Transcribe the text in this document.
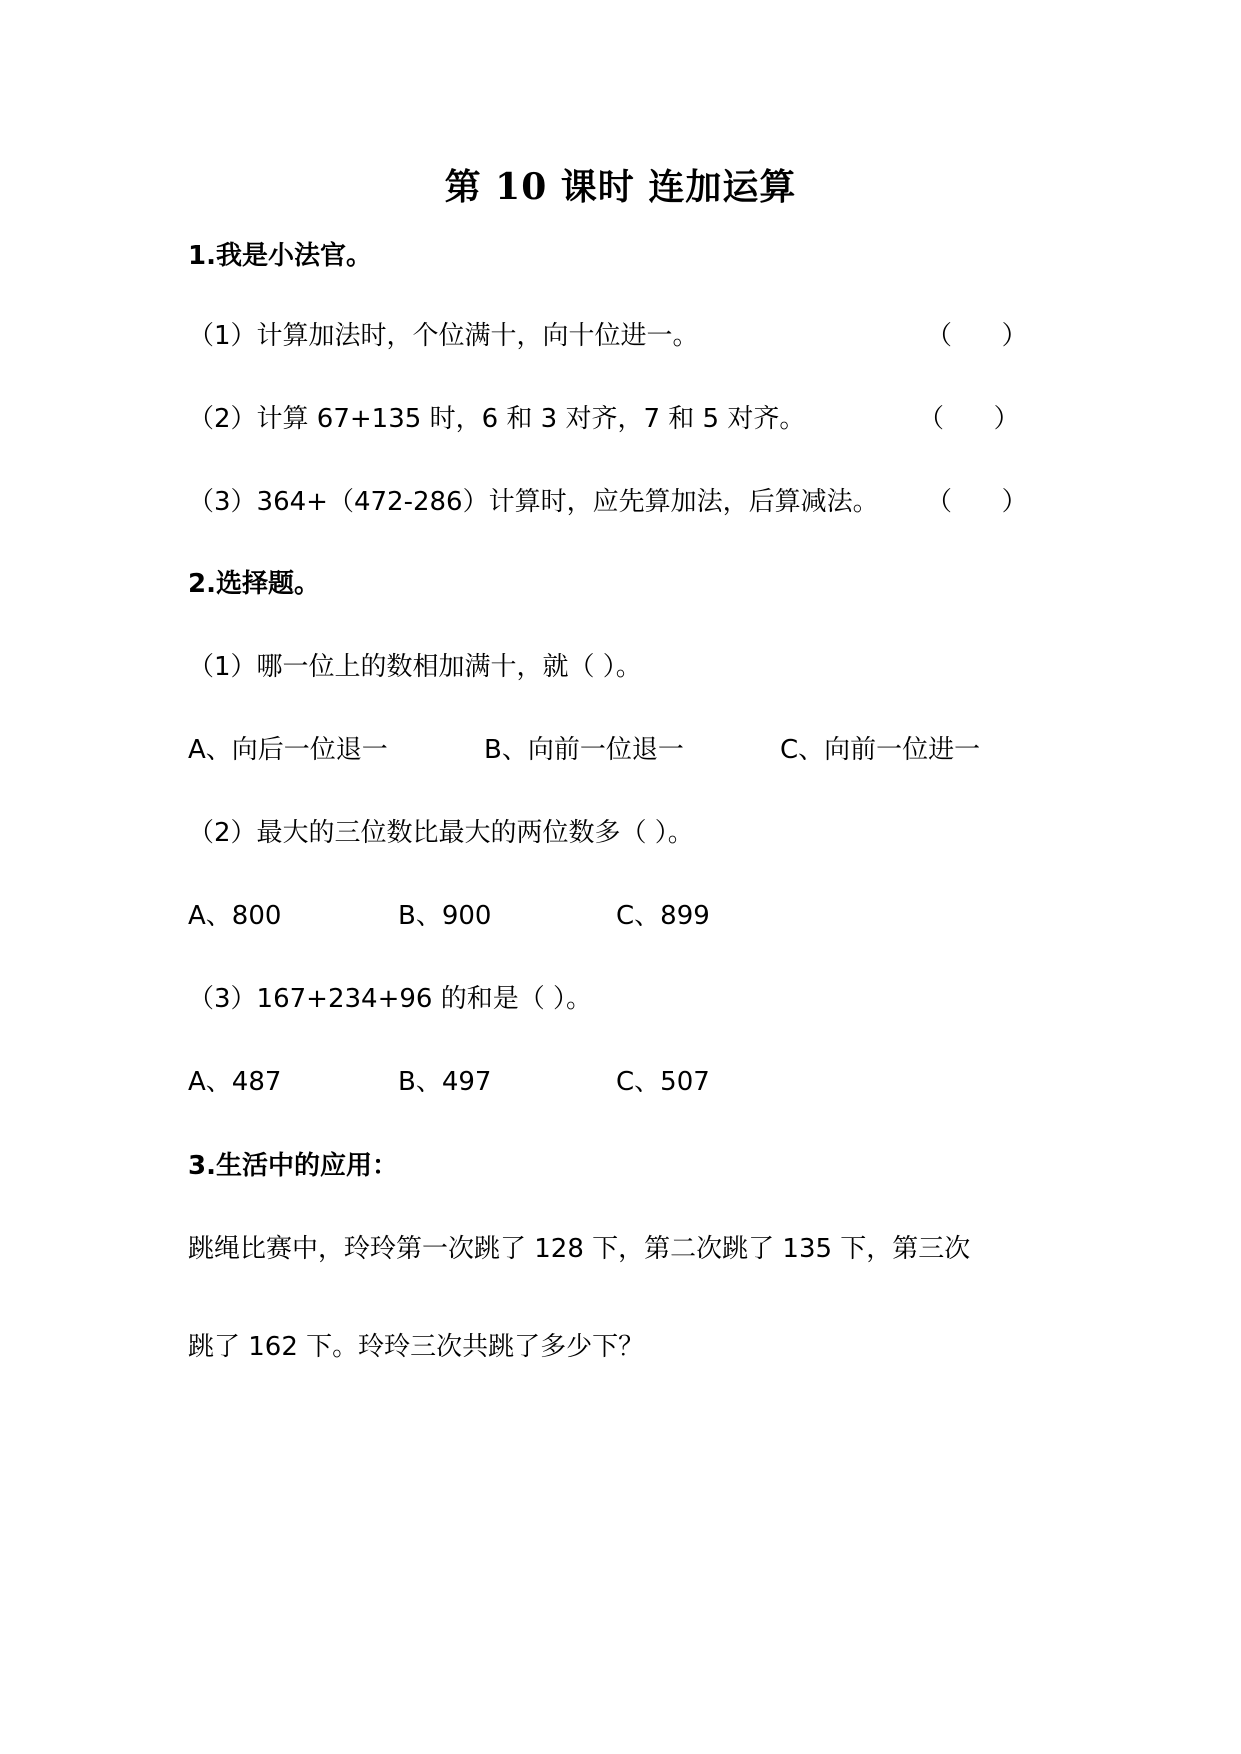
第 10 课时 连加运算
1.我是小法官。
（1）计算加法时，个位满十，向十位进一。	（      ）
（2）计算 67+135 时，6 和 3 对齐，7 和 5 对齐。	（      ）
（3）364+（472-286）计算时，应先算加法，后算减法。 （      ）
2.选择题。
（1）哪一位上的数相加满十，就（ ）。
A、向后一位退一	B、向前一位退一	C、向前一位进一
（2）最大的三位数比最大的两位数多（ ）。
A、800	B、900	C、899
（3）167+234+96 的和是（ ）。
A、487	B、497	C、507
3.生活中的应用：
跳绳比赛中，玲玲第一次跳了 128 下，第二次跳了 135 下，第三次
跳了 162 下。玲玲三次共跳了多少下？
